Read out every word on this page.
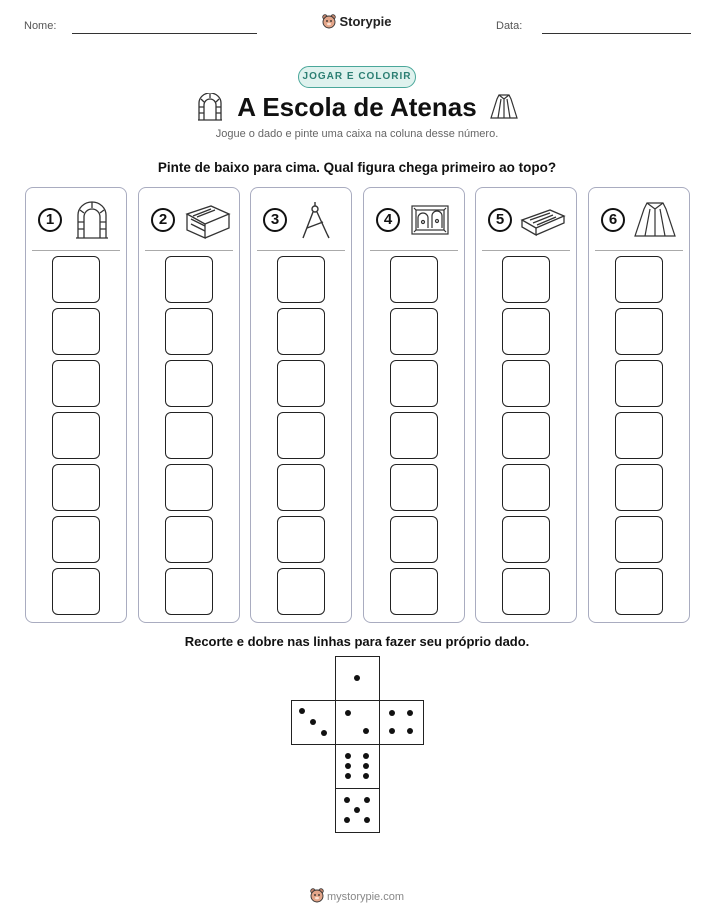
Nome:	Storypie	Data:
JOGAR E COLORIR
A Escola de Atenas
Jogue o dado e pinte uma caixa na coluna desse número.
Pinte de baixo para cima. Qual figura chega primeiro ao topo?
1	2	3	4	5	6
Recorte e dobre nas linhas para fazer seu próprio dado.
mystorypie.com
